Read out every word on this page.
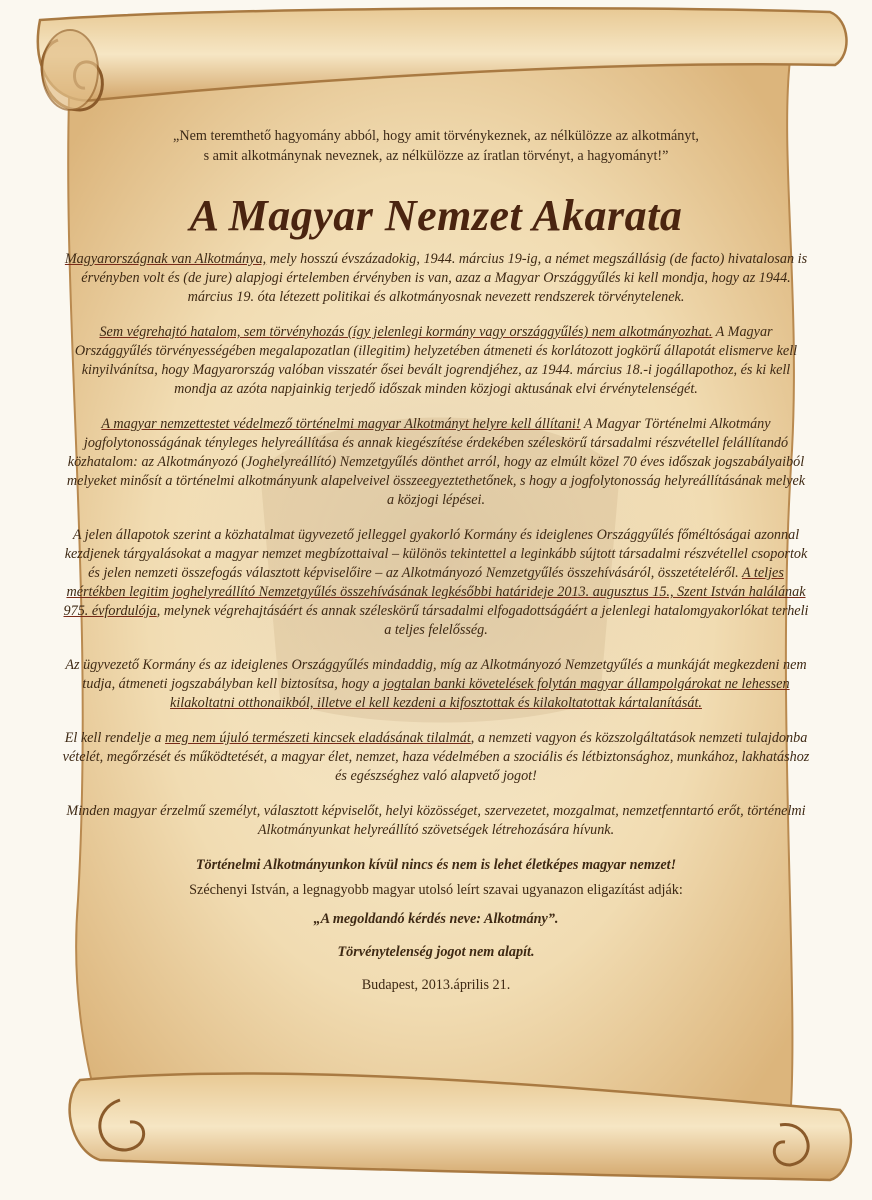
„Nem teremthető hagyomány abból, hogy amit törvénykeznek, az nélkülözze az alkotmányt,
s amit alkotmánynak neveznek, az nélkülözze az íratlan törvényt, a hagyományt!”

A Magyar Nemzet Akarata

Magyarországnak van Alkotmánya, mely hosszú évszázadokig, 1944. március 19-ig, a német megszállásig (de facto) hivatalosan is érvényben volt és (de jure) alapjogi értelemben érvényben is van, azaz a Magyar Országgyűlés ki kell mondja, hogy az 1944. március 19. óta létezett politikai és alkotmányosnak nevezett rendszerek törvénytelenek.

Sem végrehajtó hatalom, sem törvényhozás (így jelenlegi kormány vagy országgyűlés) nem alkotmányozhat. A Magyar Országgyűlés törvényességében megalapozatlan (illegitim) helyzetében átmeneti és korlátozott jogkörű állapotát elismerve kell kinyilvánítsa, hogy Magyarország valóban visszatér ősei bevált jogrendjéhez, az 1944. március 18.-i jogállapothoz, és ki kell mondja az azóta napjainkig terjedő időszak minden közjogi aktusának elvi érvénytelenségét.

A magyar nemzettestet védelmező történelmi magyar Alkotmányt helyre kell állítani! A Magyar Történelmi Alkotmány jogfolytonosságának tényleges helyreállítása és annak kiegészítése érdekében széleskörű társadalmi részvétellel felállítandó közhatalom: az Alkotmányozó (Joghelyreállító) Nemzetgyűlés dönthet arról, hogy az elmúlt közel 70 éves időszak jogszabályaiból melyeket minősít a történelmi alkotmányunk alapelveivel összeegyeztethetőnek, s hogy a jogfolytonosság helyreállításának melyek a közjogi lépései.

A jelen állapotok szerint a közhatalmat ügyvezető jelleggel gyakorló Kormány és ideiglenes Országgyűlés főméltóságai azonnal kezdjenek tárgyalásokat a magyar nemzet megbízottaival – különös tekintettel a leginkább sújtott társadalmi részvétellel csoportok és jelen nemzeti összefogás választott képviselőire – az Alkotmányozó Nemzetgyűlés összehívásáról, összetételéről. A teljes mértékben legitim joghelyreállító Nemzetgyűlés összehívásának legkésőbbi határideje 2013. augusztus 15., Szent István halálának 975. évfordulója, melynek végrehajtásáért és annak széleskörű társadalmi elfogadottságáért a jelenlegi hatalomgyakorlókat terheli a teljes felelősség.

Az ügyvezető Kormány és az ideiglenes Országgyűlés mindaddig, míg az Alkotmányozó Nemzetgyűlés a munkáját megkezdeni nem tudja, átmeneti jogszabályban kell biztosítsa, hogy a jogtalan banki követelések folytán magyar állampolgárokat ne lehessen kilakoltatni otthonaikból, illetve el kell kezdeni a kifosztottak és kilakoltatottak kártalanítását.

El kell rendelje a meg nem újuló természeti kincsek eladásának tilalmát, a nemzeti vagyon és közszolgáltatások nemzeti tulajdonba vételét, megőrzését és működtetését, a magyar élet, nemzet, haza védelmében a szociális és létbiztonsághoz, munkához, lakhatáshoz és egészséghez való alapvető jogot!

Minden magyar érzelmű személyt, választott képviselőt, helyi közösséget, szervezetet, mozgalmat, nemzetfenntartó erőt, történelmi Alkotmányunkat helyreállító szövetségek létrehozására hívunk.

Történelmi Alkotmányunkon kívül nincs és nem is lehet életképes magyar nemzet!

Széchenyi István, a legnagyobb magyar utolsó leírt szavai ugyanazon eligazítást adják:

„A megoldandó kérdés neve: Alkotmány”.

Törvénytelenség jogot nem alapít.

Budapest, 2013.április 21.
